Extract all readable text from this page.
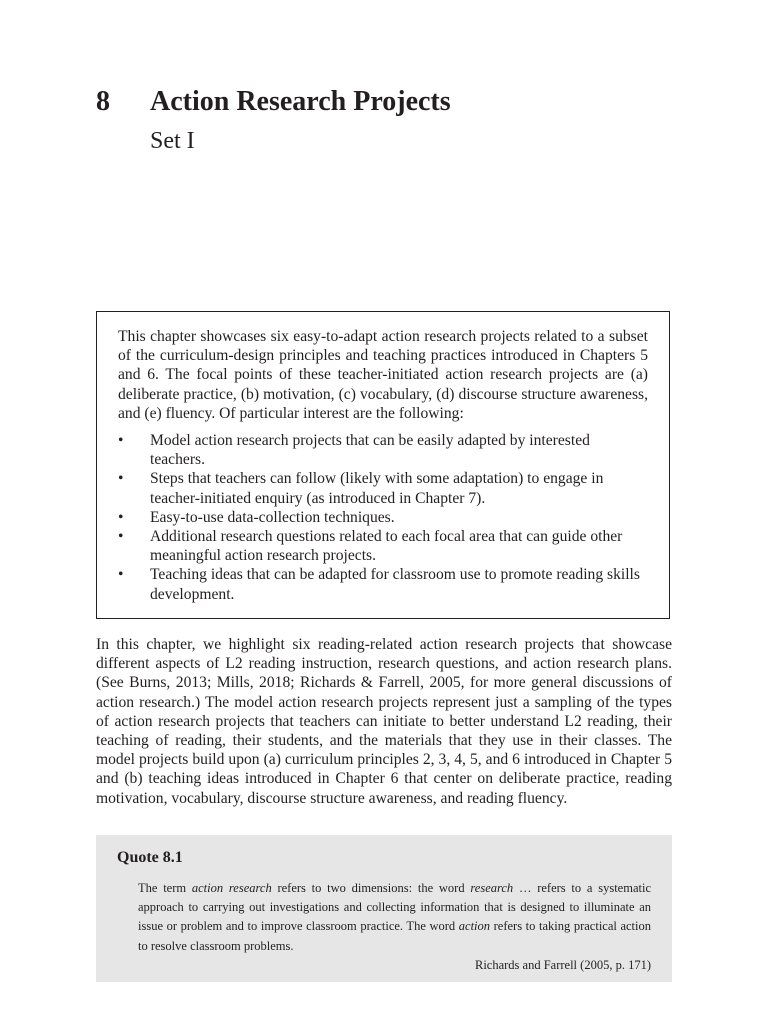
8 Action Research Projects
Set I

This chapter showcases six easy-to-adapt action research projects related to a subset of the curriculum-design principles and teaching practices introduced in Chapters 5 and 6. The focal points of these teacher-initiated action research projects are (a) deliberate practice, (b) motivation, (c) vocabulary, (d) discourse structure awareness, and (e) fluency. Of particular interest are the following:

• Model action research projects that can be easily adapted by interested teachers.
• Steps that teachers can follow (likely with some adaptation) to engage in teacher-initiated enquiry (as introduced in Chapter 7).
• Easy-to-use data-collection techniques.
• Additional research questions related to each focal area that can guide other meaningful action research projects.
• Teaching ideas that can be adapted for classroom use to promote reading skills development.

In this chapter, we highlight six reading-related action research projects that showcase different aspects of L2 reading instruction, research questions, and action research plans. (See Burns, 2013; Mills, 2018; Richards & Farrell, 2005, for more general discussions of action research.) The model action research projects represent just a sampling of the types of action research projects that teachers can initiate to better understand L2 reading, their teaching of reading, their students, and the materials that they use in their classes. The model projects build upon (a) curriculum principles 2, 3, 4, 5, and 6 introduced in Chapter 5 and (b) teaching ideas introduced in Chapter 6 that center on deliberate practice, reading motivation, vocabulary, discourse structure awareness, and reading fluency.

Quote 8.1

The term action research refers to two dimensions: the word research … refers to a systematic approach to carrying out investigations and collecting information that is designed to illuminate an issue or problem and to improve classroom practice. The word action refers to taking practical action to resolve classroom problems.

Richards and Farrell (2005, p. 171)
